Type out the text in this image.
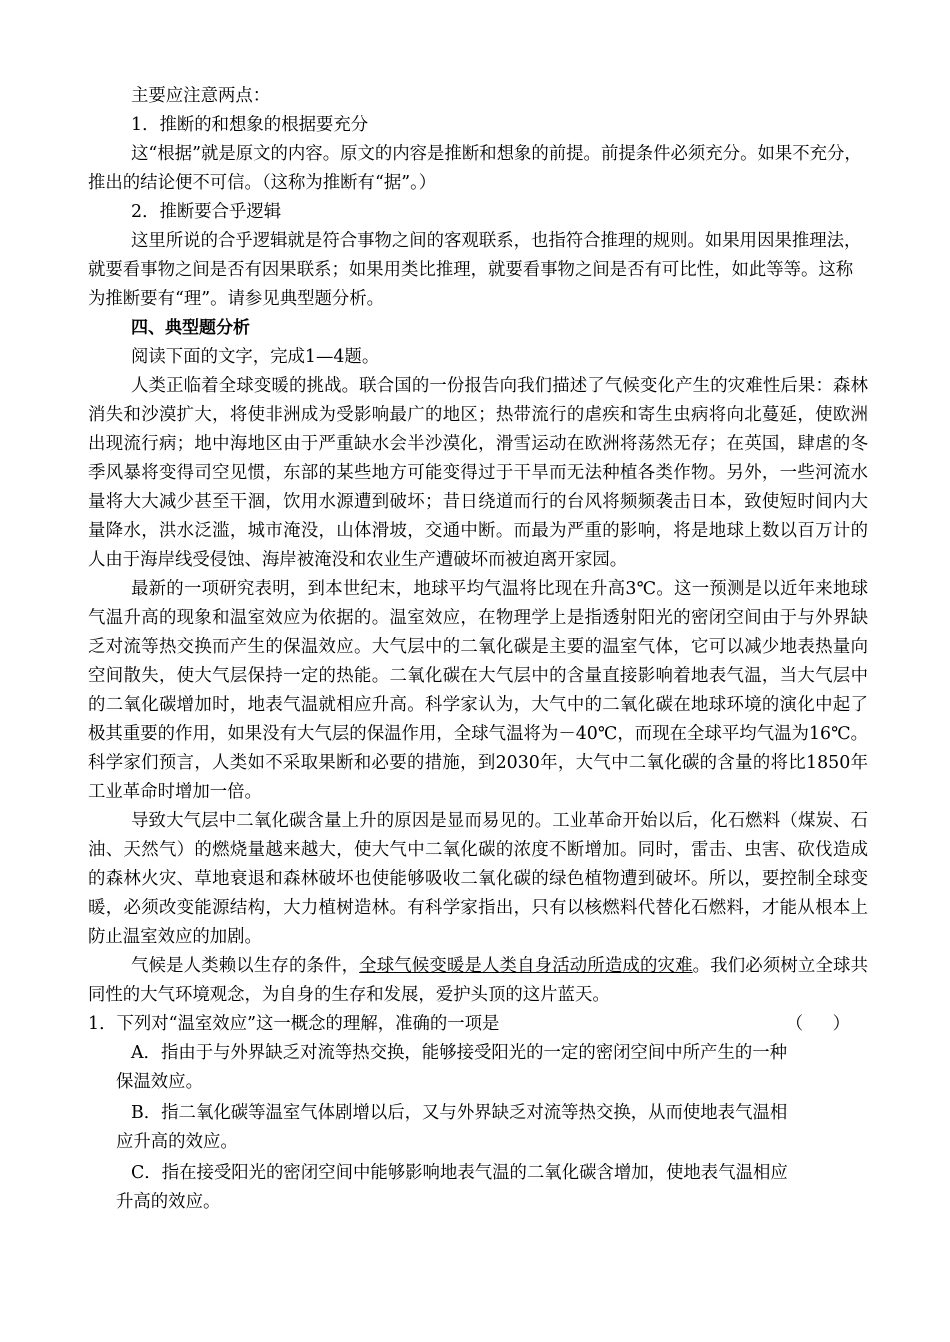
主要应注意两点：

1．推断的和想象的根据要充分

这“根据”就是原文的内容。原文的内容是推断和想象的前提。前提条件必须充分。如果不充分，推出的结论便不可信。（这称为推断有“据”。）

2．推断要合乎逻辑

这里所说的合乎逻辑就是符合事物之间的客观联系，也指符合推理的规则。如果用因果推理法，就要看事物之间是否有因果联系；如果用类比推理，就要看事物之间是否有可比性，如此等等。这称为推断要有“理”。请参见典型题分析。

四、典型题分析

阅读下面的文字，完成1—4题。

人类正临着全球变暖的挑战。联合国的一份报告向我们描述了气候变化产生的灾难性后果：森林消失和沙漠扩大，将使非洲成为受影响最广的地区；热带流行的虐疾和寄生虫病将向北蔓延，使欧洲出现流行病；地中海地区由于严重缺水会半沙漠化，滑雪运动在欧洲将荡然无存；在英国，肆虐的冬季风暴将变得司空见惯，东部的某些地方可能变得过于干旱而无法种植各类作物。另外，一些河流水量将大大减少甚至干涸，饮用水源遭到破坏；昔日绕道而行的台风将频频袭击日本，致使短时间内大量降水，洪水泛滥，城市淹没，山体滑坡，交通中断。而最为严重的影响，将是地球上数以百万计的人由于海岸线受侵蚀、海岸被淹没和农业生产遭破坏而被迫离开家园。

最新的一项研究表明，到本世纪末，地球平均气温将比现在升高3℃。这一预测是以近年来地球气温升高的现象和温室效应为依据的。温室效应，在物理学上是指透射阳光的密闭空间由于与外界缺乏对流等热交换而产生的保温效应。大气层中的二氧化碳是主要的温室气体，它可以减少地表热量向空间散失，使大气层保持一定的热能。二氧化碳在大气层中的含量直接影响着地表气温，当大气层中的二氧化碳增加时，地表气温就相应升高。科学家认为，大气中的二氧化碳在地球环境的演化中起了极其重要的作用，如果没有大气层的保温作用，全球气温将为－40℃，而现在全球平均气温为16℃。科学家们预言，人类如不采取果断和必要的措施，到2030年，大气中二氧化碳的含量的将比1850年工业革命时增加一倍。

导致大气层中二氧化碳含量上升的原因是显而易见的。工业革命开始以后，化石燃料（煤炭、石油、天然气）的燃烧量越来越大，使大气中二氧化碳的浓度不断增加。同时，雷击、虫害、砍伐造成的森林火灾、草地衰退和森林破坏也使能够吸收二氧化碳的绿色植物遭到破坏。所以，要控制全球变暖，必须改变能源结构，大力植树造林。有科学家指出，只有以核燃料代替化石燃料，才能从根本上防止温室效应的加剧。

气候是人类赖以生存的条件，全球气候变暖是人类自身活动所造成的灾难。我们必须树立全球共同性的大气环境观念，为自身的生存和发展，爱护头顶的这片蓝天。

1．下列对“温室效应”这一概念的理解，准确的一项是	（ ）

A．指由于与外界缺乏对流等热交换，能够接受阳光的一定的密闭空间中所产生的一种

保温效应。

B．指二氧化碳等温室气体剧增以后，又与外界缺乏对流等热交换，从而使地表气温相

应升高的效应。

C．指在接受阳光的密闭空间中能够影响地表气温的二氧化碳含增加，使地表气温相应

升高的效应。
